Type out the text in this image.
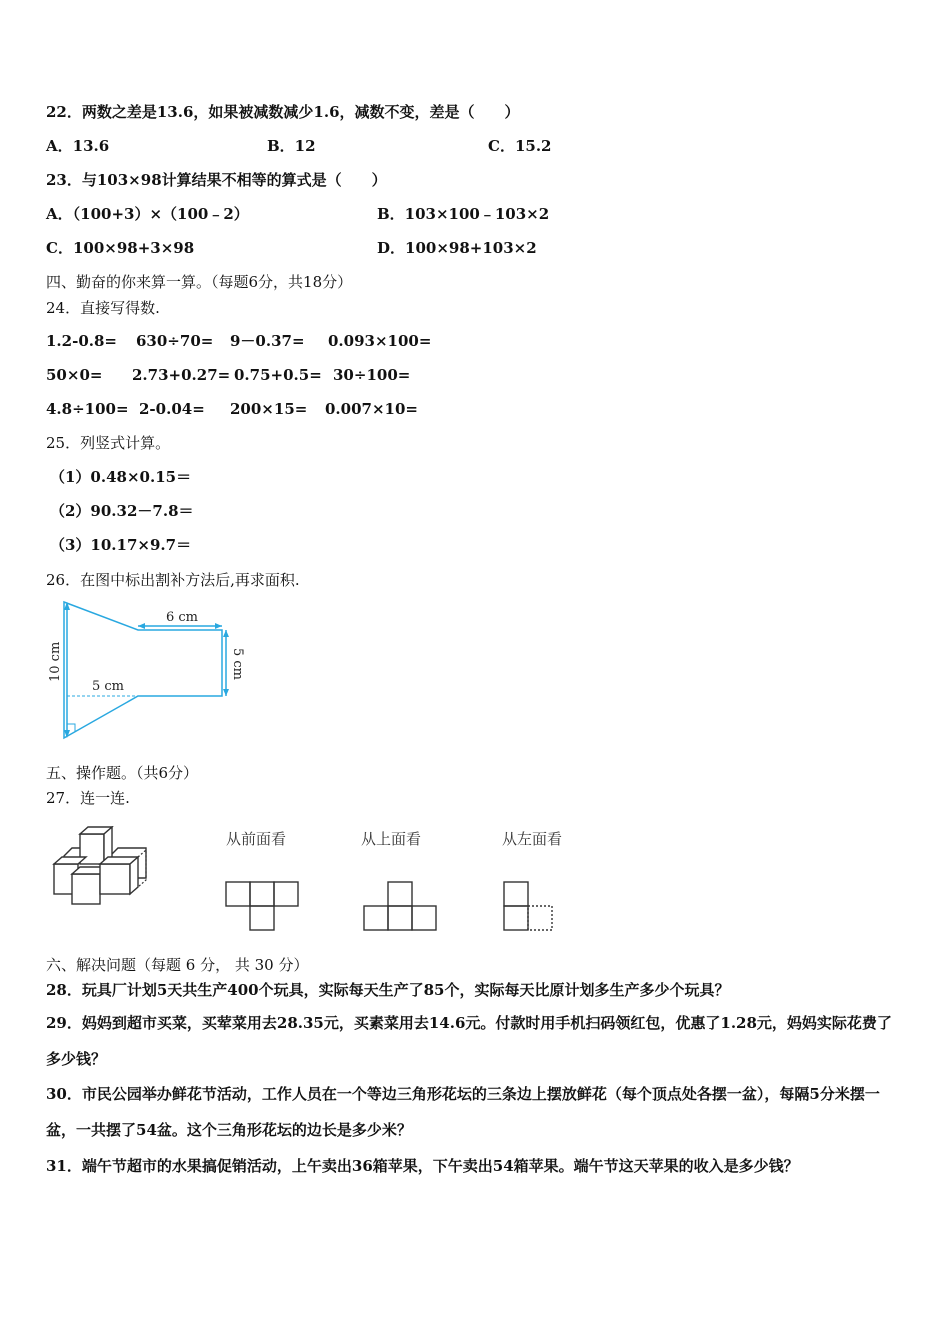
22．两数之差是13.6，如果被减数减少1.6，减数不变，差是（　　）
A．13.6	B．12	C．15.2
23．与103×98计算结果不相等的算式是（　　）
A．（100+3）×（100﹣2）	B．103×100﹣103×2
C．100×98+3×98	D．100×98+103×2
四、勤奋的你来算一算。（每题6分，共18分）
24．直接写得数.
1.2-0.8= 630÷70= 9－0.37= 0.093×100=
50×0= 2.73+0.27= 0.75+0.5= 30÷100=
4.8÷100= 2-0.04= 200×15= 0.007×10=
25．列竖式计算。
（1）0.48×0.15＝
（2）90.32－7.8＝
（3）10.17×9.7＝
26．在图中标出割补方法后,再求面积.
6 cm
5 cm
10 cm	5 cm
五、操作题。（共6分）
27．连一连.
从前面看	从上面看	从左面看
六、解决问题（每题 6 分， 共 30 分）
28．玩具厂计划5天共生产400个玩具，实际每天生产了85个，实际每天比原计划多生产多少个玩具？
29．妈妈到超市买菜，买荤菜用去28.35元，买素菜用去14.6元。付款时用手机扫码领红包，优惠了1.28元，妈妈实际花费了多少钱？
30．市民公园举办鲜花节活动，工作人员在一个等边三角形花坛的三条边上摆放鲜花（每个顶点处各摆一盆），每隔5分米摆一盆，一共摆了54盆。这个三角形花坛的边长是多少米？
31．端午节超市的水果搞促销活动，上午卖出36箱苹果，下午卖出54箱苹果。端午节这天苹果的收入是多少钱？
